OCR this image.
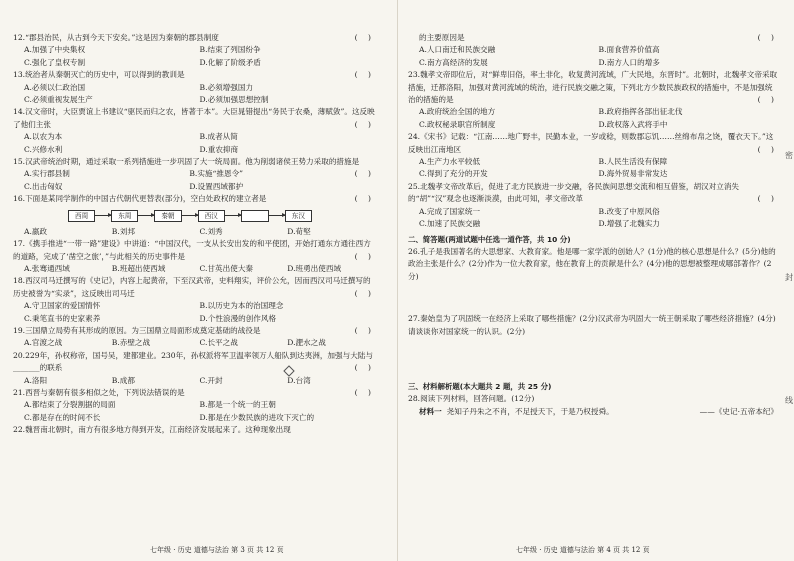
12.“郡县治民，从古到今天下安矣。”这是因为秦朝的郡县制度	( )

A.加强了中央集权	B.结束了列国纷争
C.强化了皇权专制	D.化解了阶级矛盾

13.统治者从秦朝灭亡的历史中，可以得到的教训是	( )

A.必须以仁政治国	B.必须增强国力
C.必须重视发展生产	D.必须加强思想控制

14.汉文帝时，大臣贾谊上书建议“驱民而归之农，皆著于本”。大臣晁错提出“务民于农桑，薄赋敛”。这反映了他们主张	( )

A.以农为本	B.成者从简
C.兴修水利	D.重农抑商

15.汉武帝统治时期，通过采取一系列措施进一步巩固了大一统局面。他为削弱诸侯王势力采取的措施是
( )

A.实行郡县制	B.实施“推恩令”
C.出击匈奴	D.设置西域都护

16.下面是某同学制作的中国古代朝代更替表(部分)，空白处政权的建立者是	( )

西周	东周	秦朝	西汉	东汉
A.嬴政	B.刘邦	C.刘秀	D.荀堅

17.《携手推进“一带一路”建设》中讲道：“中国汉代，一支从长安出发的和平使团，开始打通东方通往西方的道路，完成了‘凿空之旅’，”与此相关的历史事件是	( )

A.张骞通西域	B.班超出使西域	C.甘英出使大秦	D.班勇出使西域

18.西汉司马迁撰写的《史记》，内容上起黄帝，下至汉武帝，史料翔实，评价公允，因而西汉司马迁撰写的历史被誉为“实录”，这反映出司马迁	( )

A.守卫国家的爱国情怀	B.以历史为本的治国理念
C.秉笔直书的史家素养	D.个性浪漫的创作风格

19.三国鼎立局势有其形成的原因。为三国鼎立局面形成奠定基础的战役是	( )

A.官渡之战	B.赤壁之战	C.长平之战	D.淝水之战

20.229年，孙权称帝，国号吴，建都建业。230年，孙权派将军卫温率领万人船队到达夷洲，加强与大陆与_______的联系	( )

A.洛阳	B.成都	C.开封	D.台湾

21.西晋与秦朝有很多相似之处，下列说法错误的是	( )

A.都结束了分裂割据的局面	B.都是一个统一的王朝
C.都是存在的时间不长	D.都是在少数民族的进攻下灭亡的

22.魏晋南北朝时，南方有很多地方得到开发，江南经济发展起来了。这种现象出现

七年级 · 历史 道德与法治 第 3 页 共 12 页

的主要原因是	( )

A.人口南迁和民族交融	B.面食营养价值高
C.南方高经济的发展	D.南方人口的增多

23.魏孝文帝即位后，对“鲜卑旧俗，率土非化，收复黄河流域，广大民地，东晋时”。北朝时，北魏孝文帝采取措施，迁都洛阳，加强对黄河流域的统治，进行民族交融之策，下列北方少数民族政权的措施中，不是加强统治的措施的是	( )

A.政府统治全国的地方	B.政府指挥各部出征北伐
C.政权秘录职官所制度	D.政权落入武将手中

24.《宋书》记载：“江南……地广野丰，民勤本业，一岁或稔，则数郡忘饥……丝绵布帛之饶，覆衣天下。”这反映出江南地区	( )

A.生产力水平较低	B.人民生活没有保障
C.得到了充分的开发	D.海外贸易非常发达

25.北魏孝文帝改革后，促进了北方民族进一步交融，各民族间思想交流和相互借鉴，胡汉对立消失的“胡”“汉”观念也逐渐淡漠，由此可知，孝文帝改革	( )

A.完成了国家统一	B.改变了中原风俗
C.加速了民族交融	D.增强了北魏实力
二、简答题(两道试题中任选一道作答，共 10 分)

26.孔子是我国著名的大思想家、大教育家。他是哪一家学派的创始人？(1分)他的核心思想是什么？(5分)他的政治主张是什么？(2分)作为一位大教育家，他在教育上的贡献是什么？(4分)他的思想被整理成哪部著作？(2分)

27.秦始皇为了巩固统一在经济上采取了哪些措施？(2分)汉武帝为巩固大一统王朝采取了哪些经济措施？(4分)请谈谈你对国家统一的认识。(2分)

三、材料解析题(本大题共 2 题，共 25 分)

28.阅读下列材料，回答问题。(12分)

材料一 尧知子丹朱之不肖，不足授天下，于是乃权授舜。	——《史记·五帝本纪》

密
封
线
七年级 · 历史 道德与法治 第 4 页 共 12 页
